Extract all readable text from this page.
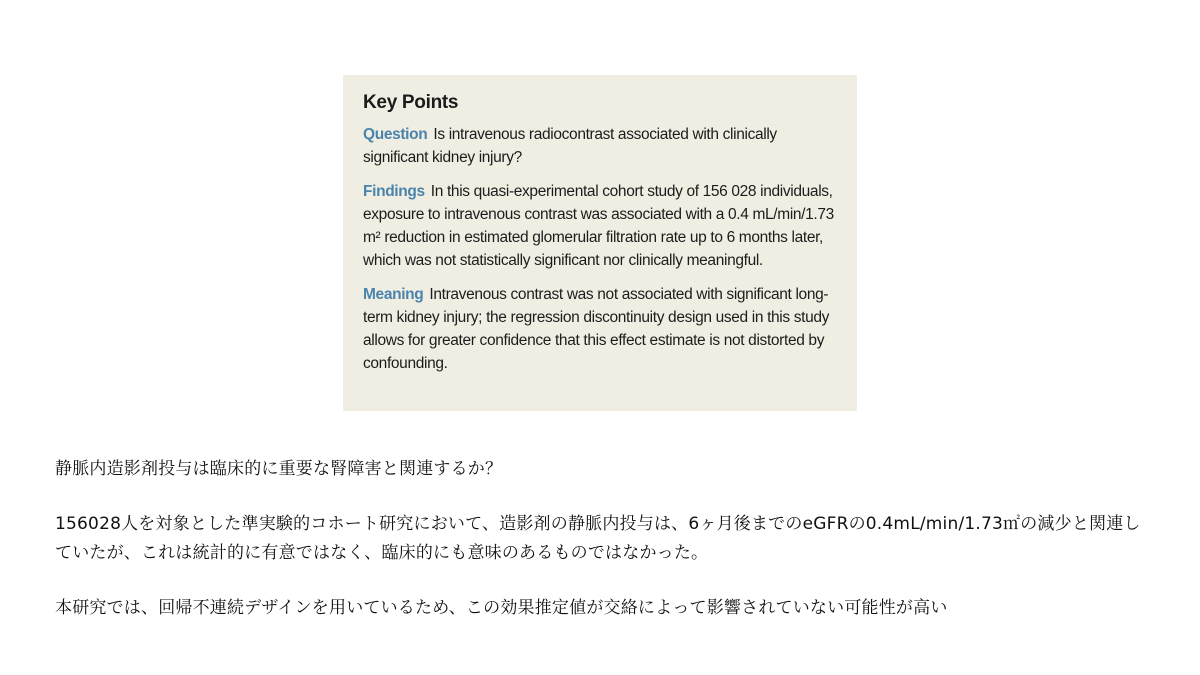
Key Points
Question Is intravenous radiocontrast associated with clinically significant kidney injury?
Findings In this quasi-experimental cohort study of 156 028 individuals, exposure to intravenous contrast was associated with a 0.4 mL/min/1.73 m² reduction in estimated glomerular filtration rate up to 6 months later, which was not statistically significant nor clinically meaningful.
Meaning Intravenous contrast was not associated with significant long-term kidney injury; the regression discontinuity design used in this study allows for greater confidence that this effect estimate is not distorted by confounding.
静脈内造影剤投与は臨床的に重要な腎障害と関連するか？
156028人を対象とした準実験的コホート研究において、造影剤の静脈内投与は、6ヶ月後までのeGFRの0.4mL/min/1.73㎡の減少と関連していたが、これは統計的に有意ではなく、臨床的にも意味のあるものではなかった。
本研究では、回帰不連続デザインを用いているため、この効果推定値が交絡によって影響されていない可能性が高い
